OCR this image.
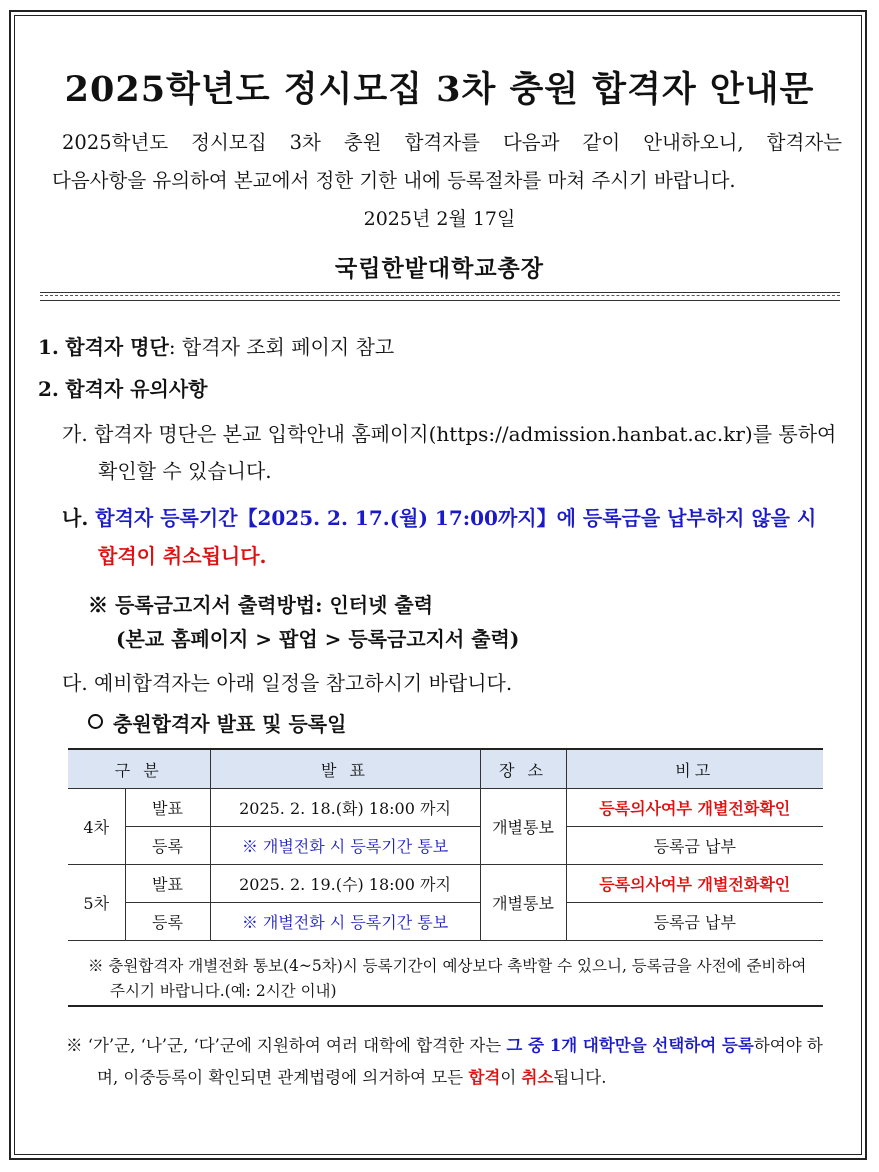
2025학년도 정시모집 3차 충원 합격자 안내문
2025학년도 정시모집 3차 충원 합격자를 다음과 같이 안내하오니, 합격자는
다음사항을 유의하여 본교에서 정한 기한 내에 등록절차를 마쳐 주시기 바랍니다.
2025년 2월 17일
국립한밭대학교총장
1. 합격자 명단: 합격자 조회 페이지 참고
2. 합격자 유의사항
가. 합격자 명단은 본교 입학안내 홈페이지(https://admission.hanbat.ac.kr)를 통하여
확인할 수 있습니다.
나. 합격자 등록기간【2025. 2. 17.(월) 17:00까지】에 등록금을 납부하지 않을 시
합격이 취소됩니다.
※ 등록금고지서 출력방법: 인터넷 출력
(본교 홈페이지 > 팝업 > 등록금고지서 출력)
다. 예비합격자는 아래 일정을 참고하시기 바랍니다.
충원합격자 발표 및 등록일
구 분		발 표	장 소	비고
4차	발표	2025. 2. 18.(화) 18:00 까지	개별통보	등록의사여부 개별전화확인
	등록	※ 개별전화 시 등록기간 통보		등록금 납부
5차	발표	2025. 2. 19.(수) 18:00 까지	개별통보	등록의사여부 개별전화확인
	등록	※ 개별전화 시 등록기간 통보		등록금 납부
※ 충원합격자 개별전화 통보(4~5차)시 등록기간이 예상보다 촉박할 수 있으니, 등록금을 사전에 준비하여 주시기 바랍니다.(예: 2시간 이내)
※ ‘가’군, ‘나’군, ‘다’군에 지원하여 여러 대학에 합격한 자는 그 중 1개 대학만을 선택하여 등록하여야 하며, 이중등록이 확인되면 관계법령에 의거하여 모든 합격이 취소됩니다.
